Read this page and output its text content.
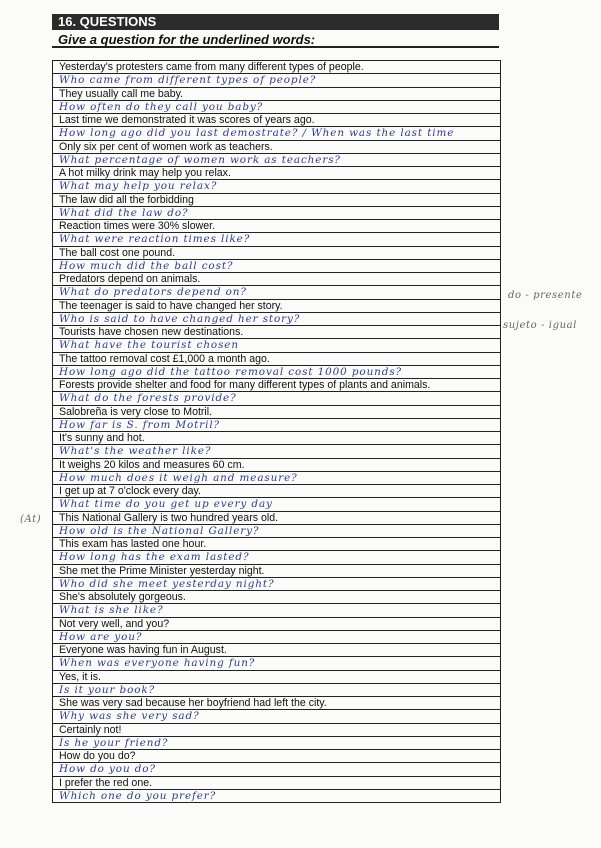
16. QUESTIONS
Give a question for the underlined words:
Yesterday's protesters came from many different types of people.
Who came from different types of people?
They usually call me baby.
How often do they call you baby?
Last time we demonstrated it was scores of years ago.
How long ago did you last demostrate? / When was the last time
Only six per cent of women work as teachers.
What percentage of women work as teachers?
A hot milky drink may help you relax.
What may help you relax?
The law did all the forbidding
What did the law do?
Reaction times were 30% slower.
What were reaction times like?
The ball cost one pound.
How much did the ball cost?
Predators depend on animals.
What do predators depend on?
The teenager is said to have changed her story.
Who is said to have changed her story?
Tourists have chosen new destinations.
What have the tourist chosen
The tattoo removal cost £1,000 a month ago.
How long ago did the tattoo removal cost 1000 pounds?
Forests provide shelter and food for many different types of plants and animals.
What do the forests provide?
Salobreña is very close to Motril.
How far is S. from Motril?
It's sunny and hot.
What's the weather like?
It weighs 20 kilos and measures 60 cm.
How much does it weigh and measure?
I get up at 7 o'clock every day.
What time do you get up every day
This National Gallery is two hundred years old.
How old is the National Gallery?
This exam has lasted one hour.
How long has the exam lasted?
She met the Prime Minister yesterday night.
Who did she meet yesterday night?
She's absolutely gorgeous.
What is she like?
Not very well, and you?
How are you?
Everyone was having fun in August.
When was everyone having fun?
Yes, it is.
Is it your book?
She was very sad because her boyfriend had left the city.
Why was she very sad?
Certainly not!
Is he your friend?
How do you do?
How do you do?
I prefer the red one.
Which one do you prefer?
do - presente
sujeto - igual
(At)
